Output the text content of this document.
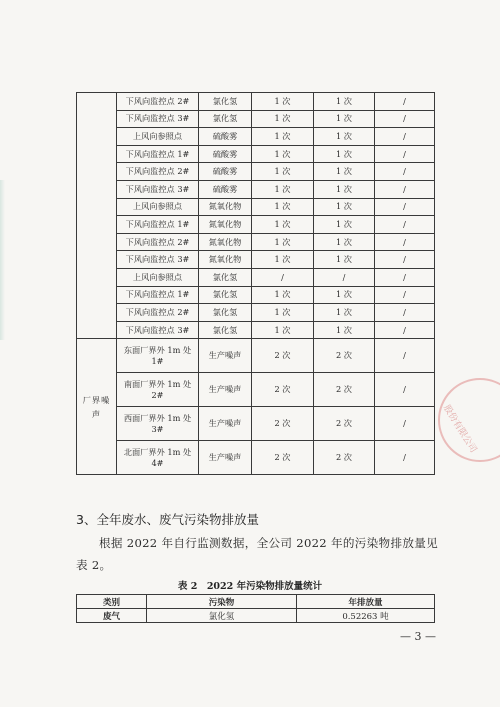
	下风向监控点 2#	氯化氢	1 次	1 次	/
	下风向监控点 3#	氯化氢	1 次	1 次	/
	上风向参照点	硫酸雾	1 次	1 次	/
	下风向监控点 1#	硫酸雾	1 次	1 次	/
	下风向监控点 2#	硫酸雾	1 次	1 次	/
	下风向监控点 3#	硫酸雾	1 次	1 次	/
	上风向参照点	氮氧化物	1 次	1 次	/
	下风向监控点 1#	氮氧化物	1 次	1 次	/
	下风向监控点 2#	氮氧化物	1 次	1 次	/
	下风向监控点 3#	氮氧化物	1 次	1 次	/
	上风向参照点	氯化氢	/	/	/
	下风向监控点 1#	氯化氢	1 次	1 次	/
	下风向监控点 2#	氯化氢	1 次	1 次	/
	下风向监控点 3#	氯化氢	1 次	1 次	/
厂界噪声	东面厂界外 1m 处 1#	生产噪声	2 次	2 次	/
	南面厂界外 1m 处 2#	生产噪声	2 次	2 次	/
	西面厂界外 1m 处 3#	生产噪声	2 次	2 次	/
	北面厂界外 1m 处 4#	生产噪声	2 次	2 次	/
3、全年废水、废气污染物排放量
根据 2022 年自行监测数据，全公司 2022 年的污染物排放量见表 2。
表 2　2022 年污染物排放量统计
类别	污染物	年排放量
废气	氯化氢	0.52263 吨
— 3 —
股份有限公司
